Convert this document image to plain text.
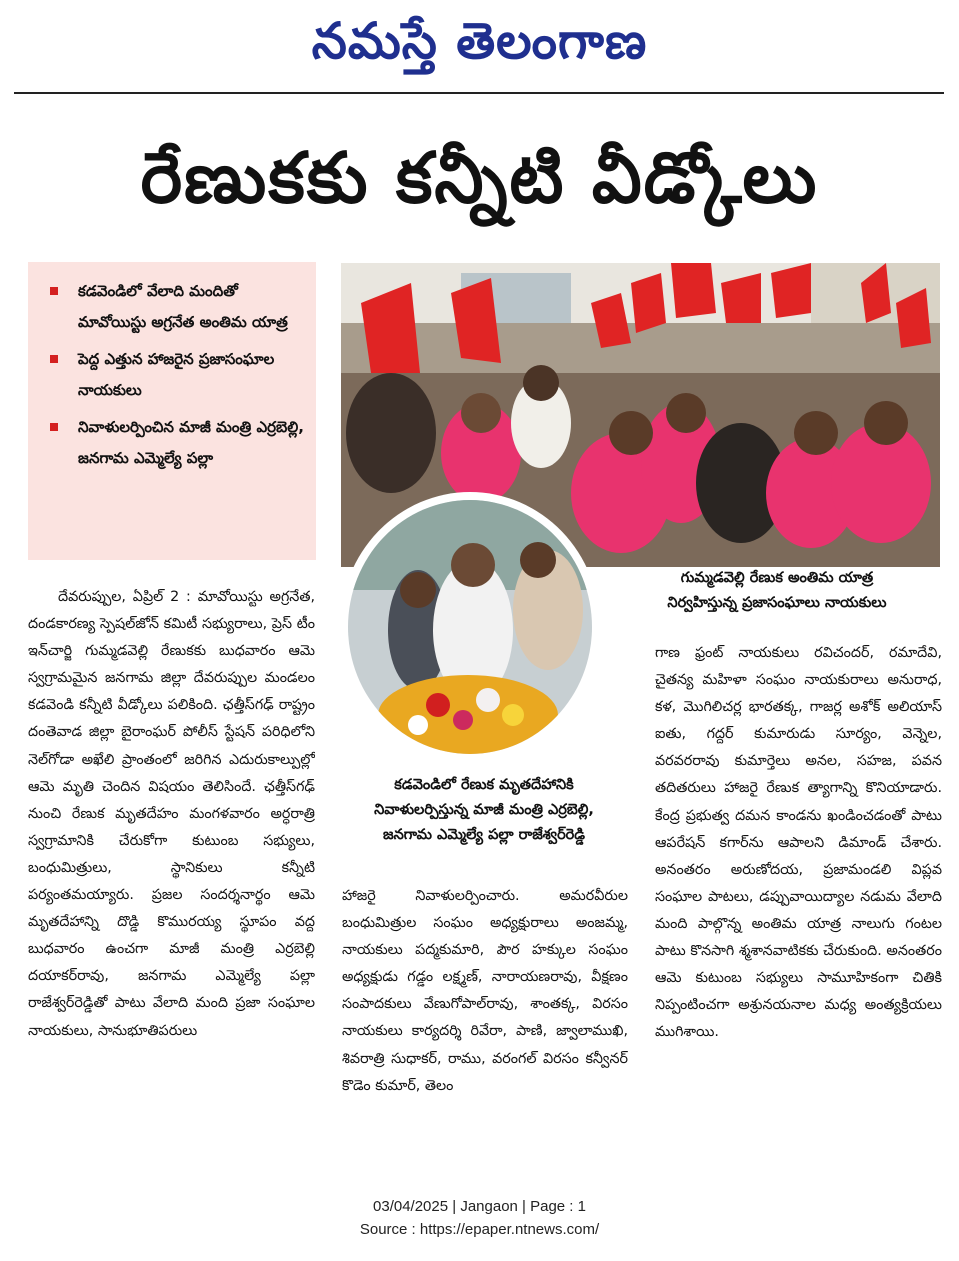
నమస్తే తెలంగాణ
రేణుకకు కన్నీటి వీడ్కోలు
కడవెండిలో వేలాది మందితో మావోయిస్టు అగ్రనేత అంతిమ యాత్ర
పెద్ద ఎత్తున హాజరైన ప్రజాసంఘాల నాయకులు
నివాళులర్పించిన మాజీ మంత్రి ఎర్రబెల్లి, జనగామ ఎమ్మెల్యే పల్లా
గుమ్మడవెల్లి రేణుక అంతిమ యాత్ర
నిర్వహిస్తున్న ప్రజాసంఘాలు నాయకులు
కడవెండిలో రేణుక మృతదేహానికి
నివాళులర్పిస్తున్న మాజీ మంత్రి ఎర్రబెల్లి,
జనగామ ఎమ్మెల్యే పల్లా రాజేశ్వర్‌రెడ్డి
దేవరుప్పుల, ఏప్రిల్ 2 : మావోయిస్టు అగ్రనేత, దండకారణ్య స్పెషల్‌జోన్ కమిటీ సభ్యురాలు, ప్రెస్ టీం ఇన్‌చార్జి గుమ్మడవెల్లి రేణుకకు బుధవారం ఆమె స్వగ్రామమైన జనగామ జిల్లా దేవరుప్పుల మండలం కడవెండి కన్నీటి వీడ్కోలు పలికింది. ఛత్తీస్‌గఢ్ రాష్ట్రం దంతెవాడ జిల్లా బైరాంఘర్ పోలీస్ స్టేషన్ పరిధిలోని నెల్‌గోడా అఖేలి ప్రాంతంలో జరిగిన ఎదురుకాల్పుల్లో ఆమె మృతి చెందిన విషయం తెలిసిందే. ఛత్తీస్‌గఢ్ నుంచి రేణుక మృతదేహం మంగళవారం అర్ధరాత్రి స్వగ్రామానికి చేరుకోగా కుటుంబ సభ్యులు, బంధుమిత్రులు, స్థానికులు కన్నీటి పర్యంతమయ్యారు. ప్రజల సందర్శనార్థం ఆమె మృతదేహాన్ని దొడ్డి కొమురయ్య స్థూపం వద్ద బుధవారం ఉంచగా మాజీ మంత్రి ఎర్రబెల్లి దయాకర్‌రావు, జనగామ ఎమ్మెల్యే పల్లా రాజేశ్వర్‌రెడ్డితో పాటు వేలాది మంది ప్రజా సంఘాల నాయకులు, సానుభూతిపరులు
హాజరై నివాళులర్పించారు. అమరవీరుల బంధుమిత్రుల సంఘం అధ్యక్షురాలు అంజమ్మ, నాయకులు పద్మకుమారి, పౌర హక్కుల సంఘం అధ్యక్షుడు గడ్డం లక్ష్మణ్, నారాయణరావు, వీక్షణం సంపాదకులు వేణుగోపాల్‌రావు, శాంతక్క, విరసం నాయకులు కార్యదర్శి రివేరా, పాణి, జ్వాలాముఖి, శివరాత్రి సుధాకర్, రాము, వరంగల్ విరసం కన్వీనర్ కొడెం కుమార్, తెలం
గాణ ఫ్రంట్ నాయకులు రవిచందర్, రమాదేవి, చైతన్య మహిళా సంఘం నాయకురాలు అనురాధ, కళ, మొగిలిచర్ల భారతక్క, గాజర్ల అశోక్ అలియాస్ ఐతు, గద్దర్ కుమారుడు సూర్యం, వెన్నెల, వరవరరావు కుమార్తెలు అనల, సహజ, పవన తదితరులు హాజరై రేణుక త్యాగాన్ని కొనియాడారు. కేంద్ర ప్రభుత్వ దమన కాండను ఖండించడంతో పాటు ఆపరేషన్ కగార్‌ను ఆపాలని డిమాండ్ చేశారు. అనంతరం అరుణోదయ, ప్రజామండలి విప్లవ సంఘాల పాటలు, డప్పువాయిద్యాల నడుమ వేలాది మంది పాల్గొన్న అంతిమ యాత్ర నాలుగు గంటల పాటు కొనసాగి శ్మశానవాటికకు చేరుకుంది. అనంతరం ఆమె కుటుంబ సభ్యులు సామూహికంగా చితికి నిప్పంటించగా అశ్రునయనాల మధ్య అంత్యక్రియలు ముగిశాయి.
03/04/2025 | Jangaon | Page : 1
Source : https://epaper.ntnews.com/
